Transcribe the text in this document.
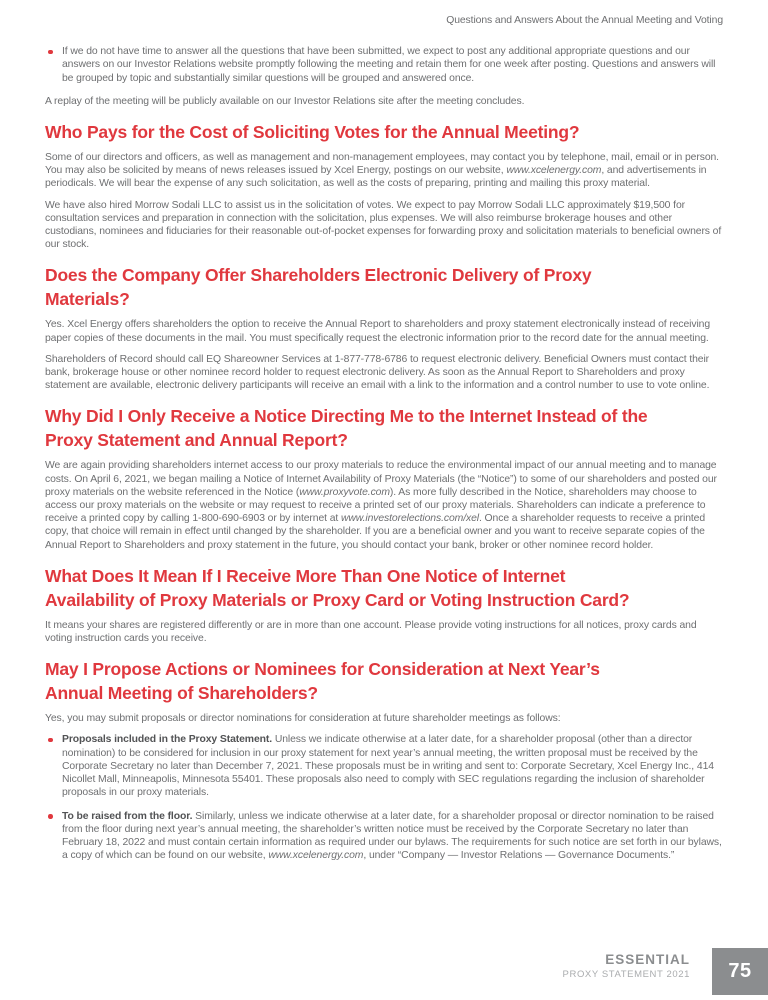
Questions and Answers About the Annual Meeting and Voting
If we do not have time to answer all the questions that have been submitted, we expect to post any additional appropriate questions and our answers on our Investor Relations website promptly following the meeting and retain them for one week after posting. Questions and answers will be grouped by topic and substantially similar questions will be grouped and answered once.
A replay of the meeting will be publicly available on our Investor Relations site after the meeting concludes.
Who Pays for the Cost of Soliciting Votes for the Annual Meeting?
Some of our directors and officers, as well as management and non-management employees, may contact you by telephone, mail, email or in person. You may also be solicited by means of news releases issued by Xcel Energy, postings on our website, www.xcelenergy.com, and advertisements in periodicals. We will bear the expense of any such solicitation, as well as the costs of preparing, printing and mailing this proxy material.
We have also hired Morrow Sodali LLC to assist us in the solicitation of votes. We expect to pay Morrow Sodali LLC approximately $19,500 for consultation services and preparation in connection with the solicitation, plus expenses. We will also reimburse brokerage houses and other custodians, nominees and fiduciaries for their reasonable out-of-pocket expenses for forwarding proxy and solicitation materials to beneficial owners of our stock.
Does the Company Offer Shareholders Electronic Delivery of Proxy
Materials?
Yes. Xcel Energy offers shareholders the option to receive the Annual Report to shareholders and proxy statement electronically instead of receiving paper copies of these documents in the mail. You must specifically request the electronic information prior to the record date for the annual meeting.
Shareholders of Record should call EQ Shareowner Services at 1-877-778-6786 to request electronic delivery. Beneficial Owners must contact their bank, brokerage house or other nominee record holder to request electronic delivery. As soon as the Annual Report to Shareholders and proxy statement are available, electronic delivery participants will receive an email with a link to the information and a control number to use to vote online.
Why Did I Only Receive a Notice Directing Me to the Internet Instead of the
Proxy Statement and Annual Report?
We are again providing shareholders internet access to our proxy materials to reduce the environmental impact of our annual meeting and to manage costs. On April 6, 2021, we began mailing a Notice of Internet Availability of Proxy Materials (the “Notice”) to some of our shareholders and posted our proxy materials on the website referenced in the Notice (www.proxyvote.com). As more fully described in the Notice, shareholders may choose to access our proxy materials on the website or may request to receive a printed set of our proxy materials. Shareholders can indicate a preference to receive a printed copy by calling 1-800-690-6903 or by internet at www.investorelections.com/xel. Once a shareholder requests to receive a printed copy, that choice will remain in effect until changed by the shareholder. If you are a beneficial owner and you want to receive separate copies of the Annual Report to Shareholders and proxy statement in the future, you should contact your bank, broker or other nominee record holder.
What Does It Mean If I Receive More Than One Notice of Internet
Availability of Proxy Materials or Proxy Card or Voting Instruction Card?
It means your shares are registered differently or are in more than one account. Please provide voting instructions for all notices, proxy cards and voting instruction cards you receive.
May I Propose Actions or Nominees for Consideration at Next Year’s
Annual Meeting of Shareholders?
Yes, you may submit proposals or director nominations for consideration at future shareholder meetings as follows:
Proposals included in the Proxy Statement. Unless we indicate otherwise at a later date, for a shareholder proposal (other than a director nomination) to be considered for inclusion in our proxy statement for next year’s annual meeting, the written proposal must be received by the Corporate Secretary no later than December 7, 2021. These proposals must be in writing and sent to: Corporate Secretary, Xcel Energy Inc., 414 Nicollet Mall, Minneapolis, Minnesota 55401. These proposals also need to comply with SEC regulations regarding the inclusion of shareholder proposals in our proxy materials.
To be raised from the floor. Similarly, unless we indicate otherwise at a later date, for a shareholder proposal or director nomination to be raised from the floor during next year’s annual meeting, the shareholder’s written notice must be received by the Corporate Secretary no later than February 18, 2022 and must contain certain information as required under our bylaws. The requirements for such notice are set forth in our bylaws, a copy of which can be found on our website, www.xcelenergy.com, under “Company — Investor Relations — Governance Documents.”
ESSENTIAL
PROXY STATEMENT 2021 75
